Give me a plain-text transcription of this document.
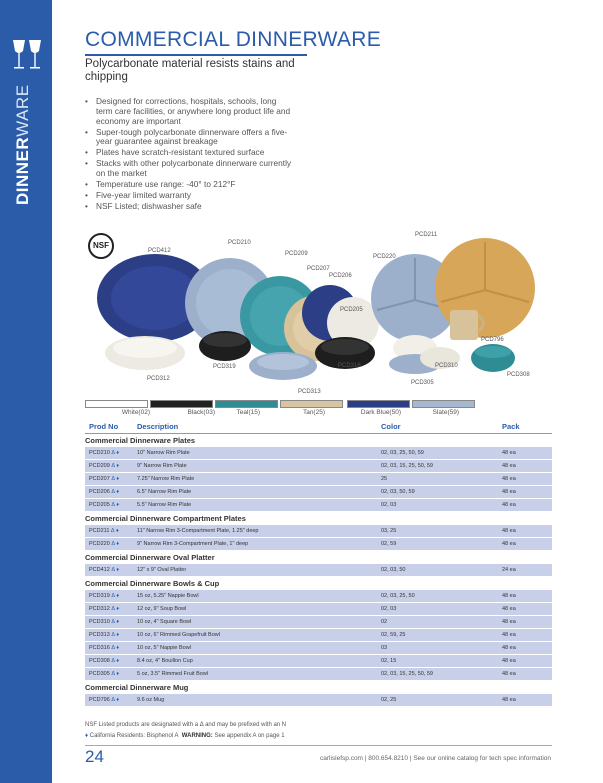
DINNERWARE
COMMERCIAL DINNERWARE
Polycarbonate material resists stains and chipping
• Designed for corrections, hospitals, schools, long term care facilities, or anywhere long product life and economy are important
• Super-tough polycarbonate dinnerware offers a five-year guarantee against breakage
• Plates have scratch-resistant textured surface
• Stacks with other polycarbonate dinnerware currently on the market
• Temperature use range: -40° to 212°F
• Five-year limited warranty
• NSF Listed; dishwasher safe
PCD412
PCD210
PCD209
PCD207
PCD206
PCD205
PCD220
PCD211
PCD796
PCD312
PCD319
PCD313
PCD316
PCD305
PCD310
PCD308
NSF
White(02)	Black(03)	Teal(15)	Tan(25)	Dark Blue(50)	Slate(59)
Prod No	Description	Color	Pack
Commercial Dinnerware Plates
PCD210 Δ ♦	10" Narrow Rim Plate	02, 03, 25, 50, 59	48 ea
PCD209 Δ ♦	9" Narrow Rim Plate	02, 03, 15, 25, 50, 59	48 ea
PCD207 Δ ♦	7.25" Narrow Rim Plate	25	48 ea
PCD206 Δ ♦	6.5" Narrow Rim Plate	02, 03, 50, 59	48 ea
PCD205 Δ ♦	5.5" Narrow Rim Plate	02, 03	48 ea
Commercial Dinnerware Compartment Plates
PCD211 Δ ♦	11" Narrow Rim 3-Compartment Plate, 1.25" deep	03, 25	48 ea
PCD220 Δ ♦	9" Narrow Rim 3-Compartment Plate, 1" deep	02, 59	48 ea
Commercial Dinnerware Oval Platter
PCD412 Δ ♦	12" x 9" Oval Platter	02, 03, 50	24 ea
Commercial Dinnerware Bowls & Cup
PCD319 Δ ♦	15 oz, 5.25" Nappie Bowl	02, 03, 25, 50	48 ea
PCD312 Δ ♦	12 oz, 9" Soup Bowl	02, 03	48 ea
PCD310 Δ ♦	10 oz, 4" Square Bowl	02	48 ea
PCD313 Δ ♦	10 oz, 6" Rimmed Grapefruit Bowl	02, 59, 25	48 ea
PCD316 Δ ♦	10 oz, 5" Nappie Bowl	03	48 ea
PCD308 Δ ♦	8.4 oz, 4" Bouillon Cup	02, 15	48 ea
PCD305 Δ ♦	5 oz, 3.5" Rimmed Fruit Bowl	02, 03, 15, 25, 50, 59	48 ea
Commercial Dinnerware Mug
PCD796 Δ ♦	9.6 oz Mug	02, 25	48 ea
NSF Listed products are designated with a Δ and may be prefixed with an N
♦ California Residents: Bisphenol A WARNING: See appendix A on page 1
24	carlislefsp.com | 800.654.8210 | See our online catalog for tech spec information
